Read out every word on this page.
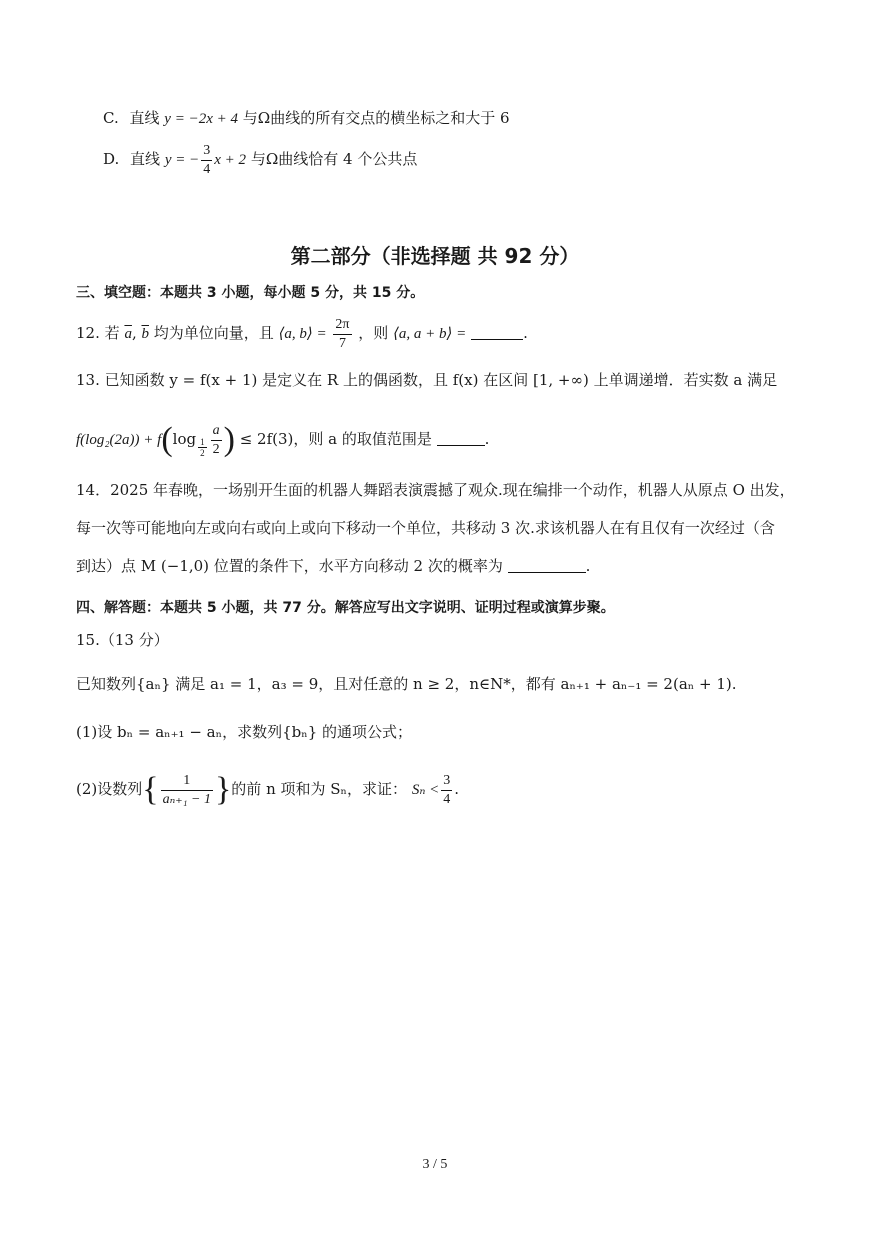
C. 直线 y = −2x + 4 与Ω曲线的所有交点的横坐标之和大于 6
D. 直线 y = − $\frac{3}{4}$ x + 2 与Ω曲线恰有 4 个公共点
第二部分（非选择题 共 92 分）
三、填空题：本题共 3 小题，每小题 5 分，共 15 分。
12. 若 $\overline{a}$, $\overline{b}$ 均为单位向量，且 ⟨a, b⟩ = $\frac{2\pi}{7}$ ，则 ⟨a, a + b⟩ =	.
13. 已知函数 y = f(x + 1) 是定义在 R 上的偶函数，且 f(x) 在区间 [1, +∞) 上单调递增．若实数 a 满足
$f(\log_2(2a)) + f(\log \frac{1}{2} \frac{a}{2}$ ) ≤ 2f(3)，则 a 的取值范围是	.
14．2025 年春晚，一场别开生面的机器人舞蹈表演震撼了观众.现在编排一个动作，机器人从原点 O 出发，
每一次等可能地向左或向右或向上或向下移动一个单位，共移动 3 次.求该机器人在有且仅有一次经过（含
到达）点 M (−1,0) 位置的条件下，水平方向移动 2 次的概率为	.
四、解答题：本题共 5 小题，共 77 分。解答应写出文字说明、证明过程或演算步聚。
15.（13 分）
已知数列{aₙ} 满足 a₁ = 1，a₃ = 9，且对任意的 n ≥ 2，n∈N*，都有 aₙ₊₁ + aₙ₋₁ = 2(aₙ + 1).
(1)设 bₙ = aₙ₊₁ − aₙ，求数列{bₙ} 的通项公式；
(2)设数列{ $\frac{1}{\text{aₙ₊₁ − 1}}$ }的前 n 项和为 Sₙ，求证： $S_n < \frac{3}{4}$ .
3 / 5
